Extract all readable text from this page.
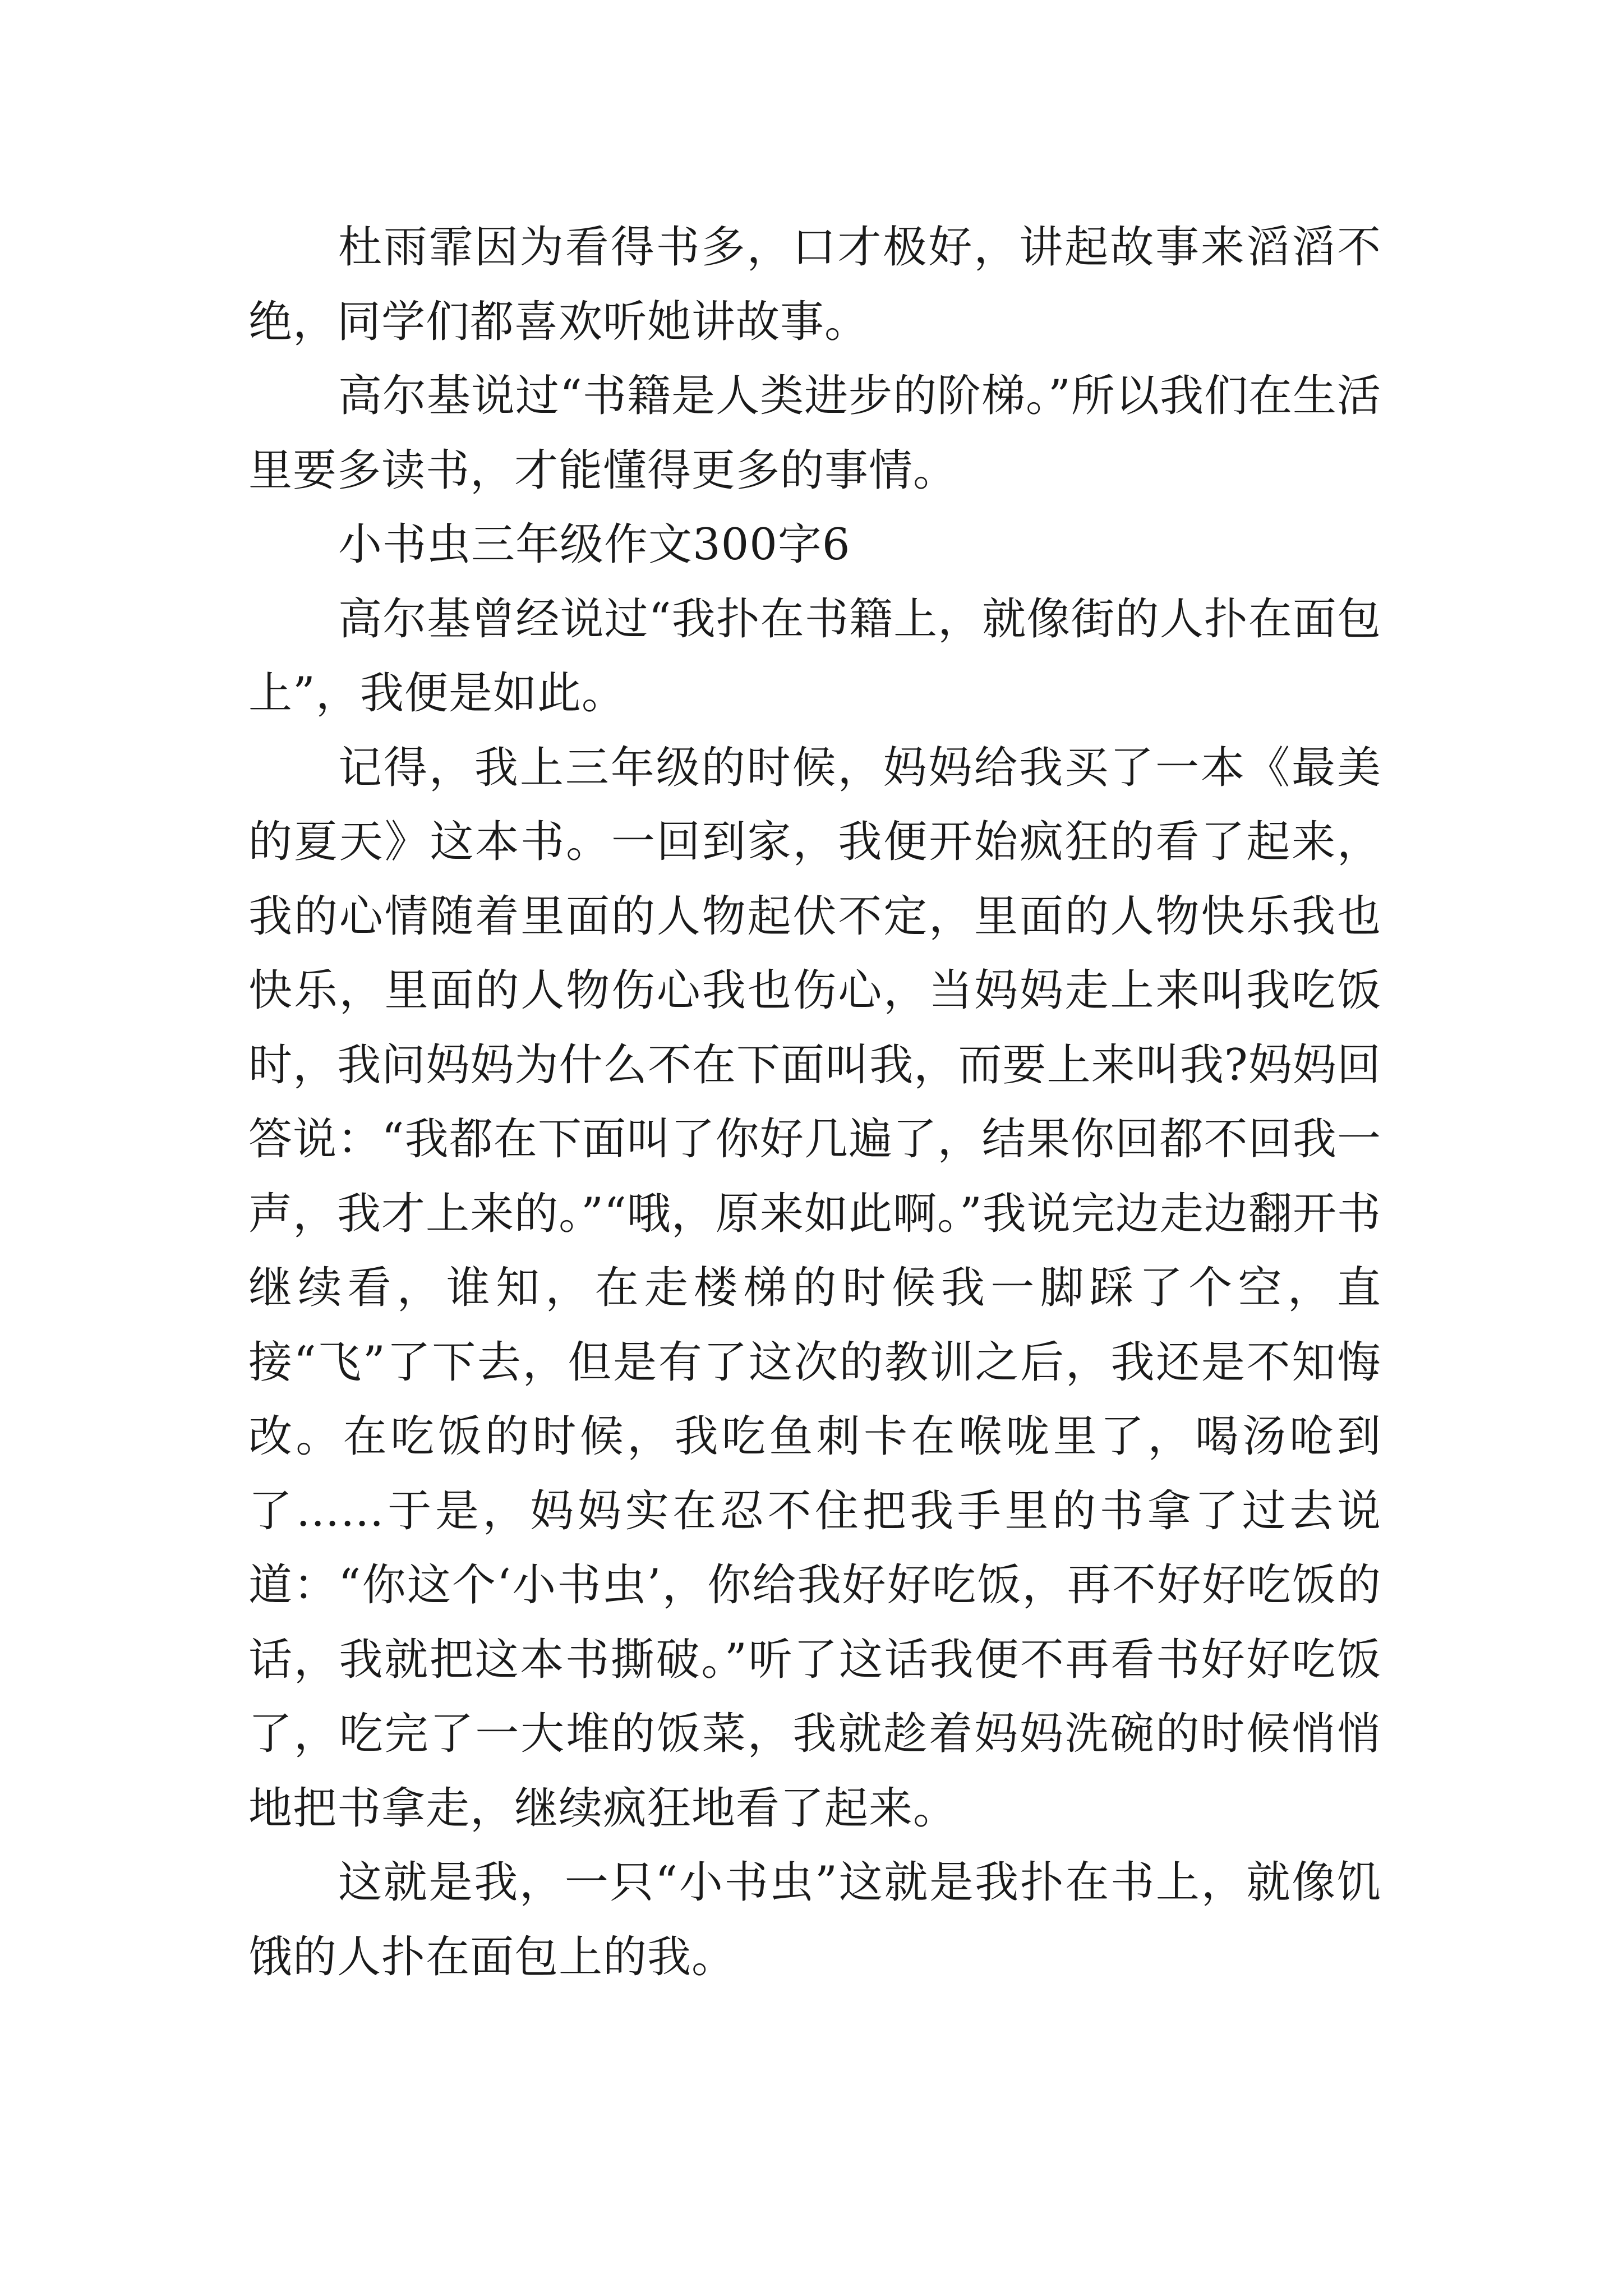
杜雨霏因为看得书多，口才极好，讲起故事来滔滔不绝，同学们都喜欢听她讲故事。

高尔基说过“书籍是人类进步的阶梯。”所以我们在生活里要多读书，才能懂得更多的事情。

小书虫三年级作文300字6

高尔基曾经说过“我扑在书籍上，就像街的人扑在面包上”，我便是如此。

记得，我上三年级的时候，妈妈给我买了一本《最美的夏天》这本书。一回到家，我便开始疯狂的看了起来，我的心情随着里面的人物起伏不定，里面的人物快乐我也快乐，里面的人物伤心我也伤心，当妈妈走上来叫我吃饭时，我问妈妈为什么不在下面叫我，而要上来叫我?妈妈回答说：“我都在下面叫了你好几遍了，结果你回都不回我一声，我才上来的。”“哦，原来如此啊。”我说完边走边翻开书继续看，谁知，在走楼梯的时候我一脚踩了个空，直接“飞”了下去，但是有了这次的教训之后，我还是不知悔改。在吃饭的时候，我吃鱼刺卡在喉咙里了，喝汤呛到了……于是，妈妈实在忍不住把我手里的书拿了过去说道：“你这个‘小书虫’，你给我好好吃饭，再不好好吃饭的话，我就把这本书撕破。”听了这话我便不再看书好好吃饭了，吃完了一大堆的饭菜，我就趁着妈妈洗碗的时候悄悄地把书拿走，继续疯狂地看了起来。

这就是我，一只“小书虫”这就是我扑在书上，就像饥饿的人扑在面包上的我。
